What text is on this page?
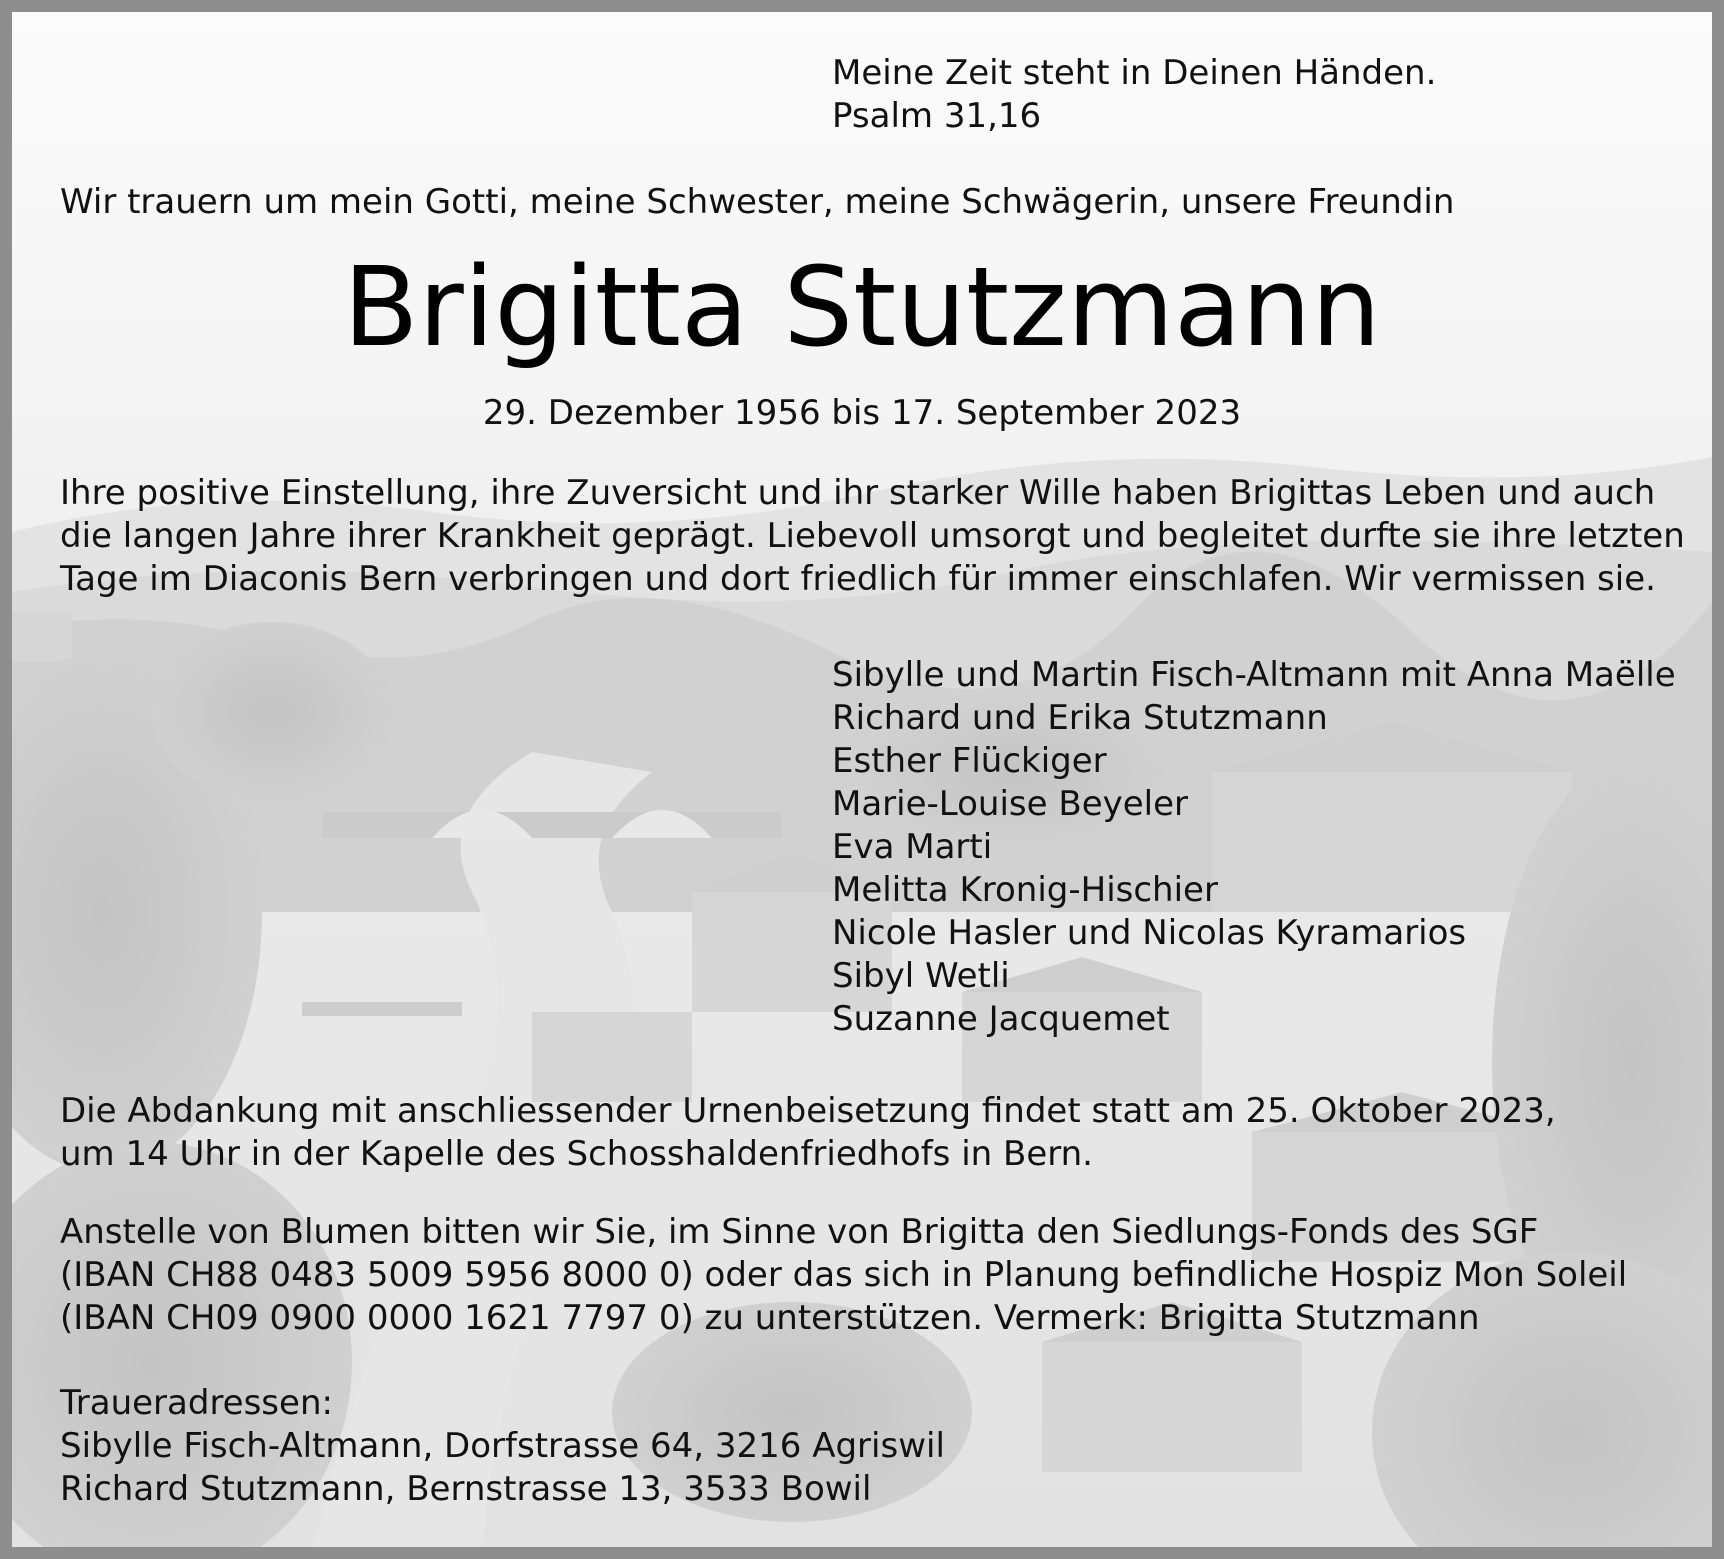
Meine Zeit steht in Deinen Händen.
Psalm 31,16
Wir trauern um mein Gotti, meine Schwester, meine Schwägerin, unsere Freundin
Brigitta Stutzmann
29. Dezember 1956 bis 17. September 2023
Ihre positive Einstellung, ihre Zuversicht und ihr starker Wille haben Brigittas Leben und auch
die langen Jahre ihrer Krankheit geprägt. Liebevoll umsorgt und begleitet durfte sie ihre letzten
Tage im Diaconis Bern verbringen und dort friedlich für immer einschlafen. Wir vermissen sie.
Sibylle und Martin Fisch-Altmann mit Anna Maëlle
Richard und Erika Stutzmann
Esther Flückiger
Marie-Louise Beyeler
Eva Marti
Melitta Kronig-Hischier
Nicole Hasler und Nicolas Kyramarios
Sibyl Wetli
Suzanne Jacquemet
Die Abdankung mit anschliessender Urnenbeisetzung findet statt am 25. Oktober 2023,
um 14 Uhr in der Kapelle des Schosshaldenfriedhofs in Bern.
Anstelle von Blumen bitten wir Sie, im Sinne von Brigitta den Siedlungs-Fonds des SGF
(IBAN CH88 0483 5009 5956 8000 0) oder das sich in Planung befindliche Hospiz Mon Soleil
(IBAN CH09 0900 0000 1621 7797 0) zu unterstützen. Vermerk: Brigitta Stutzmann
Traueradressen:
Sibylle Fisch-Altmann, Dorfstrasse 64, 3216 Agriswil
Richard Stutzmann, Bernstrasse 13, 3533 Bowil
